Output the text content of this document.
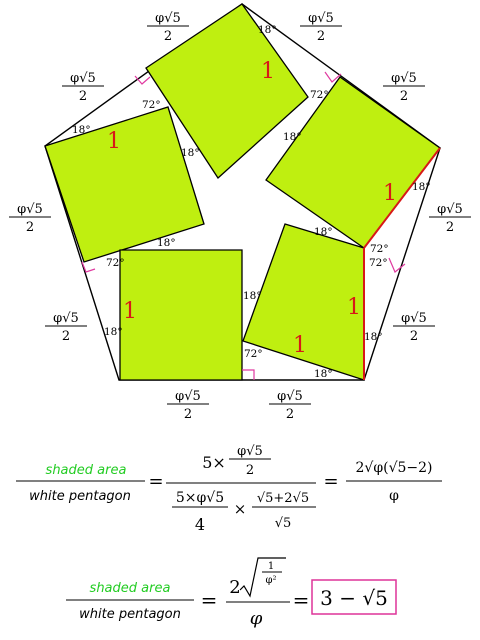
1
1
1
1
1
1
18°
72°
18°
72°
18°
18°
18°
18°
18°	72°
72°
72°
18°
18°	18°
72°
18°
φ√5
2
φ√5
2
φ√5
2
φ√5
2
φ√5
2
φ√5
2
φ√5
2
φ√5
2
φ√5
2
φ√5
2
shaded area
white pentagon
=
5×
φ√5
2
5×φ√5
4
×
√5+2√5
√5
=
2√φ(√5−2)
φ
shaded area
white pentagon
=
2
1
φ²
φ
= 3 − √5
